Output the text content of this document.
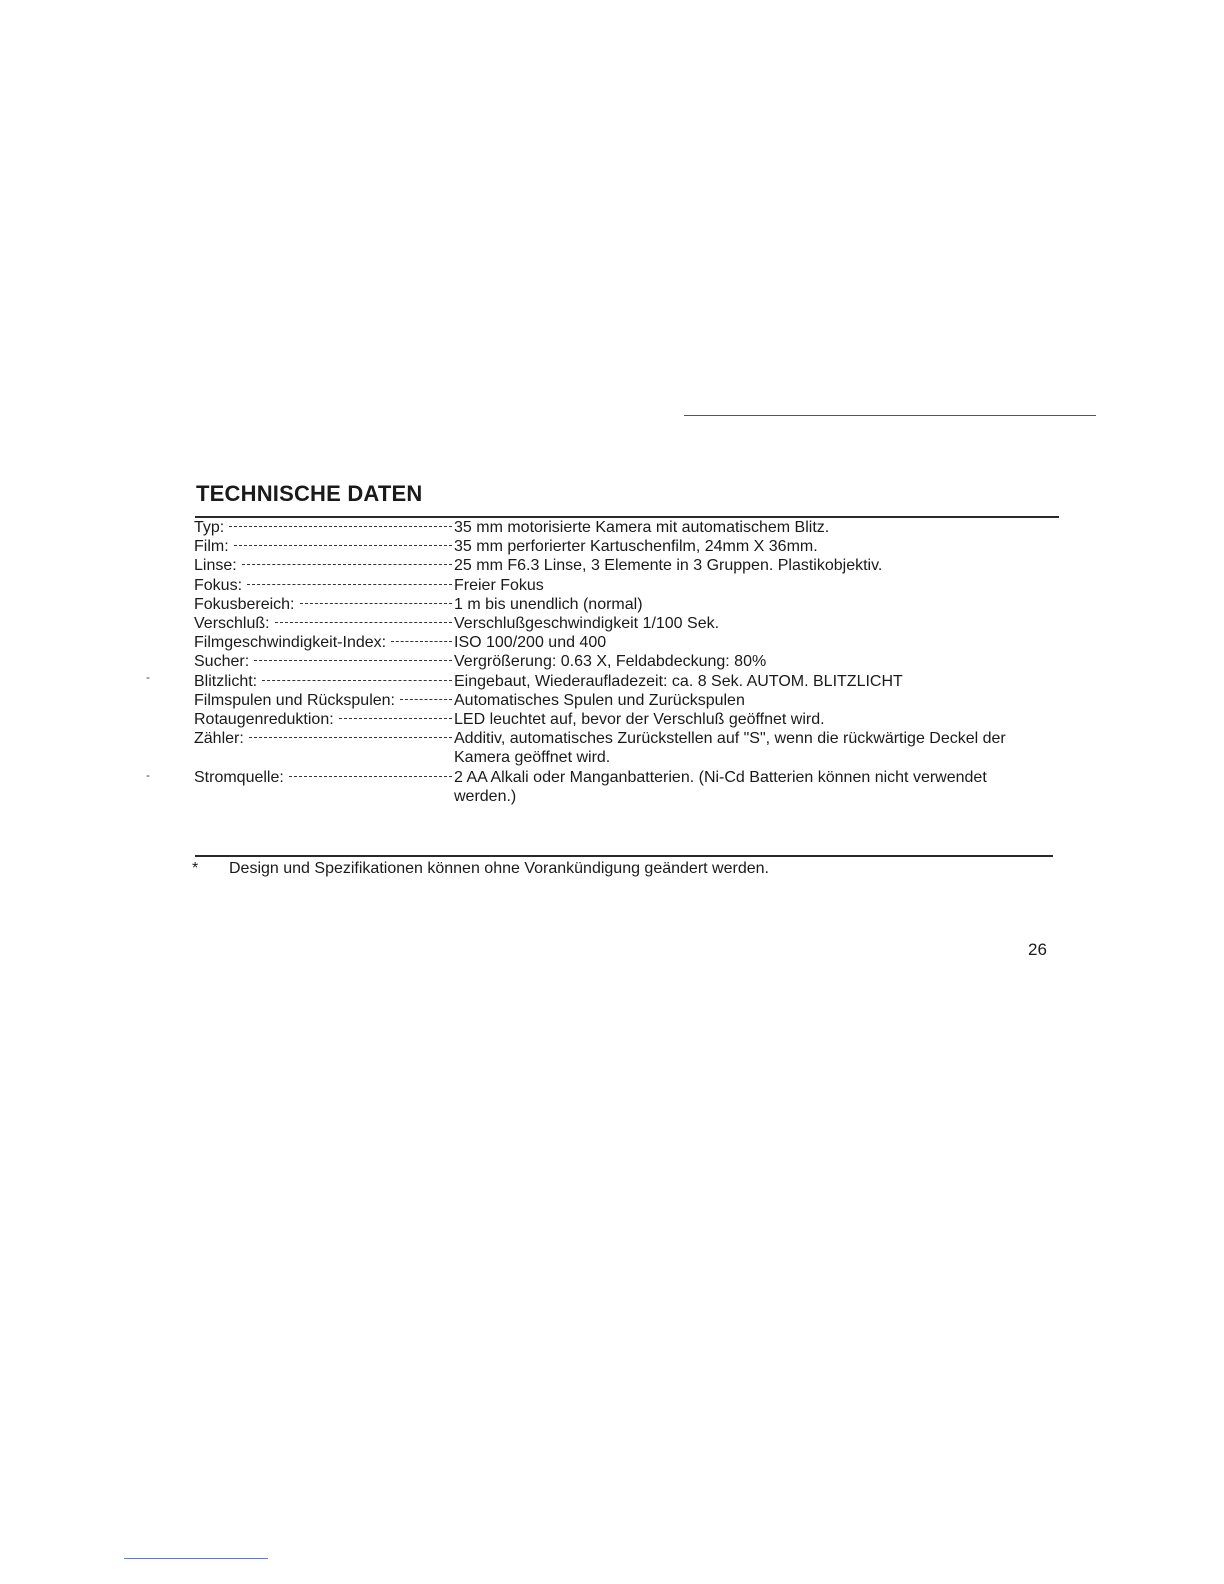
TECHNISCHE DATEN
Typ:	35 mm motorisierte Kamera mit automatischem Blitz.
Film:	35 mm perforierter Kartuschenfilm, 24mm X 36mm.
Linse:	25 mm F6.3 Linse, 3 Elemente in 3 Gruppen. Plastikobjektiv.
Fokus:	Freier Fokus
Fokusbereich:	1 m bis unendlich (normal)
Verschluß:	Verschlußgeschwindigkeit 1/100 Sek.
Filmgeschwindigkeit-Index:	ISO 100/200 und 400
Sucher:	Vergrößerung: 0.63 X, Feldabdeckung: 80%
Blitzlicht:	Eingebaut, Wiederaufladezeit: ca. 8 Sek. AUTOM. BLITZLICHT
Filmspulen und Rückspulen:	Automatisches Spulen und Zurückspulen
Rotaugenreduktion:	LED leuchtet auf, bevor der Verschluß geöffnet wird.
Zähler:	Additiv, automatisches Zurückstellen auf "S", wenn die rückwärtige Deckel der Kamera geöffnet wird.
Stromquelle:	2 AA Alkali oder Manganbatterien. (Ni-Cd Batterien können nicht verwendet werden.)
*	Design und Spezifikationen können ohne Vorankündigung geändert werden.
26
-
-
